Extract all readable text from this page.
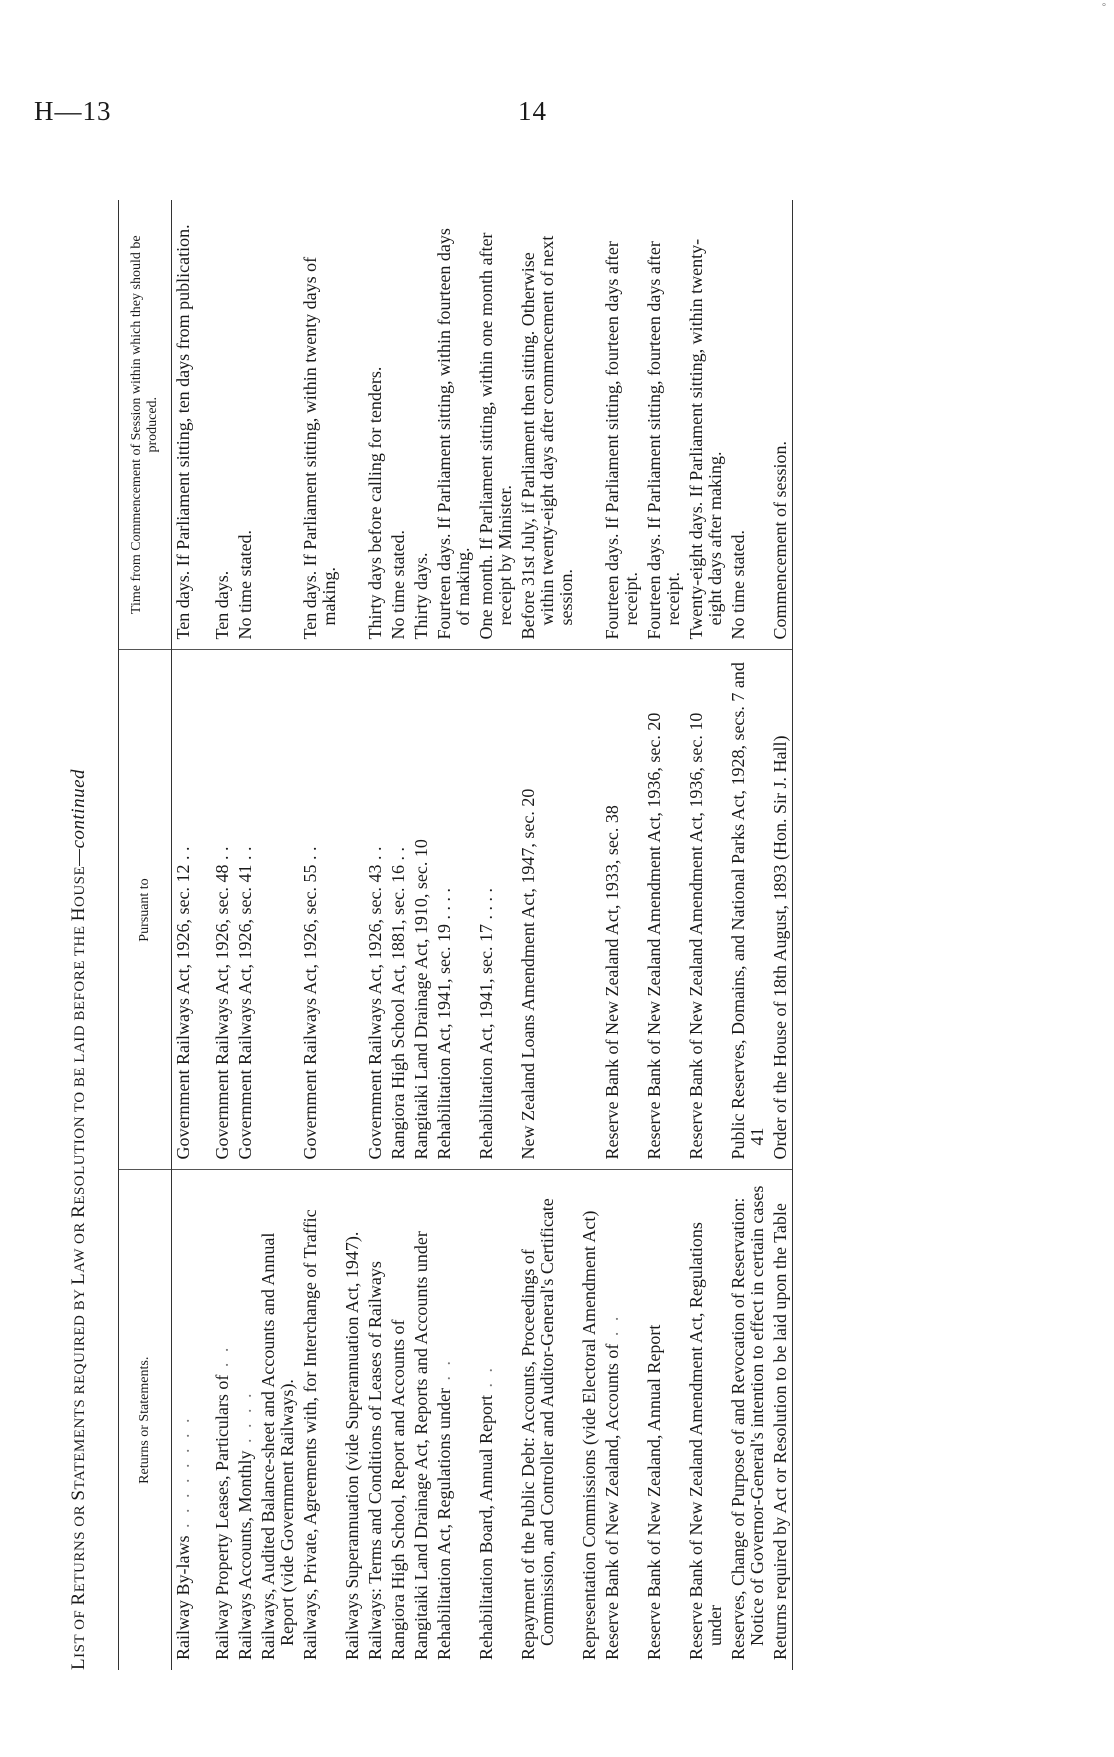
H—13	14
°
LIST OF RETURNS OR STATEMENTS REQUIRED BY LAW OR RESOLUTION TO BE LAID BEFORE THE HOUSE—continued
Returns or Statements.	Pursuant to	Time from Commencement of Session within which they should be produced.
Railway By-laws . . . . . . . .	Government Railways Act, 1926, sec. 12 . .	Ten days. If Parliament sitting, ten days from publication.
Railway Property Leases, Particulars of . .	Government Railways Act, 1926, sec. 48 . .	Ten days.
Railways Accounts, Monthly . . . .	Government Railways Act, 1926, sec. 41 . .	No time stated.
Railways, Audited Balance-sheet and Accounts and Annual Report (vide Government Railways).		
Railways, Private, Agreements with, for Interchange of Traffic	Government Railways Act, 1926, sec. 55 . .	Ten days. If Parliament sitting, within twenty days of making.
Railways Superannuation (vide Superannuation Act, 1947).		
Railways: Terms and Conditions of Leases of Railways	Government Railways Act, 1926, sec. 43 . .	Thirty days before calling for tenders.
Rangiora High School, Report and Accounts of	Rangiora High School Act, 1881, sec. 16 . .	No time stated.
Rangitaiki Land Drainage Act, Reports and Accounts under	Rangitaiki Land Drainage Act, 1910, sec. 10	Thirty days.
Rehabilitation Act, Regulations under . .	Rehabilitation Act, 1941, sec. 19 . . . .	Fourteen days. If Parliament sitting, within fourteen days of making.
Rehabilitation Board, Annual Report . .	Rehabilitation Act, 1941, sec. 17 . . . .	One month. If Parliament sitting, within one month after receipt by Minister.
Repayment of the Public Debt: Accounts, Proceedings of Commission, and Controller and Auditor-General's Certificate	New Zealand Loans Amendment Act, 1947, sec. 20	Before 31st July, if Parliament then sitting. Otherwise within twenty-eight days after commencement of next session.
Representation Commissions (vide Electoral Amendment Act)		
Reserve Bank of New Zealand, Accounts of . .	Reserve Bank of New Zealand Act, 1933, sec. 38	Fourteen days. If Parliament sitting, fourteen days after receipt.
Reserve Bank of New Zealand, Annual Report	Reserve Bank of New Zealand Amendment Act, 1936, sec. 20	Fourteen days. If Parliament sitting, fourteen days after receipt.
Reserve Bank of New Zealand Amendment Act, Regulations under	Reserve Bank of New Zealand Amendment Act, 1936, sec. 10	Twenty-eight days. If Parliament sitting, within twenty-eight days after making.
Reserves, Change of Purpose of and Revocation of Reservation: Notice of Governor-General's intention to effect in certain cases	Public Reserves, Domains, and National Parks Act, 1928, secs. 7 and 41	No time stated.
Returns required by Act or Resolution to be laid upon the Table	Order of the House of 18th August, 1893 (Hon. Sir J. Hall)	Commencement of session.
